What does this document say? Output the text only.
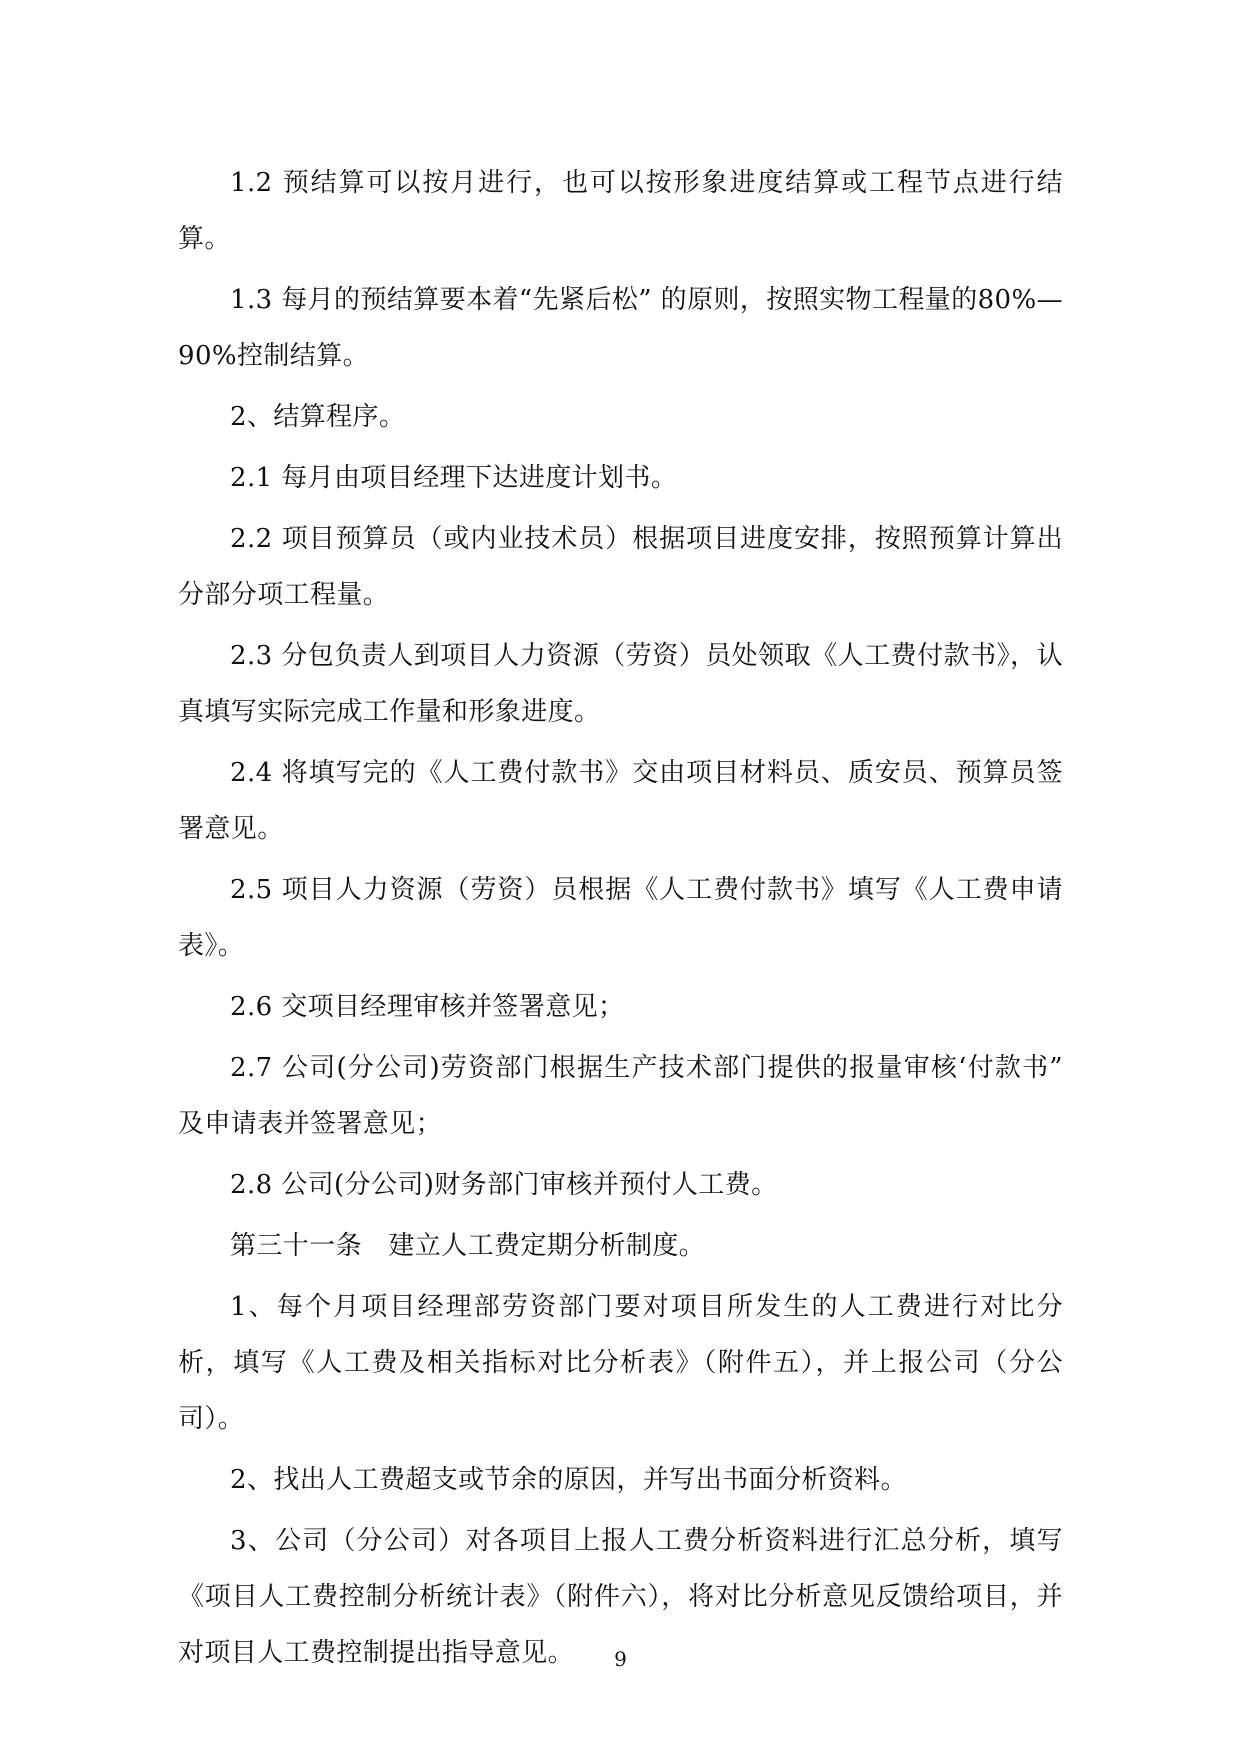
1.2 预结算可以按月进行，也可以按形象进度结算或工程节点进行结算。

1.3 每月的预结算要本着“先紧后松” 的原则，按照实物工程量的80%—90%控制结算。

2、结算程序。

2.1 每月由项目经理下达进度计划书。

2.2 项目预算员（或内业技术员）根据项目进度安排，按照预算计算出分部分项工程量。

2.3 分包负责人到项目人力资源（劳资）员处领取《人工费付款书》，认真填写实际完成工作量和形象进度。

2.4 将填写完的《人工费付款书》交由项目材料员、质安员、预算员签署意见。

2.5 项目人力资源（劳资）员根据《人工费付款书》填写《人工费申请表》。

2.6 交项目经理审核并签署意见；

2.7 公司(分公司)劳资部门根据生产技术部门提供的报量审核‘付款书” 及申请表并签署意见；

2.8 公司(分公司)财务部门审核并预付人工费。

第三十一条　建立人工费定期分析制度。

1、每个月项目经理部劳资部门要对项目所发生的人工费进行对比分析，填写《人工费及相关指标对比分析表》（附件五），并上报公司（分公司）。

2、找出人工费超支或节余的原因，并写出书面分析资料。

3、公司（分公司）对各项目上报人工费分析资料进行汇总分析，填写《项目人工费控制分析统计表》（附件六），将对比分析意见反馈给项目，并对项目人工费控制提出指导意见。	9
